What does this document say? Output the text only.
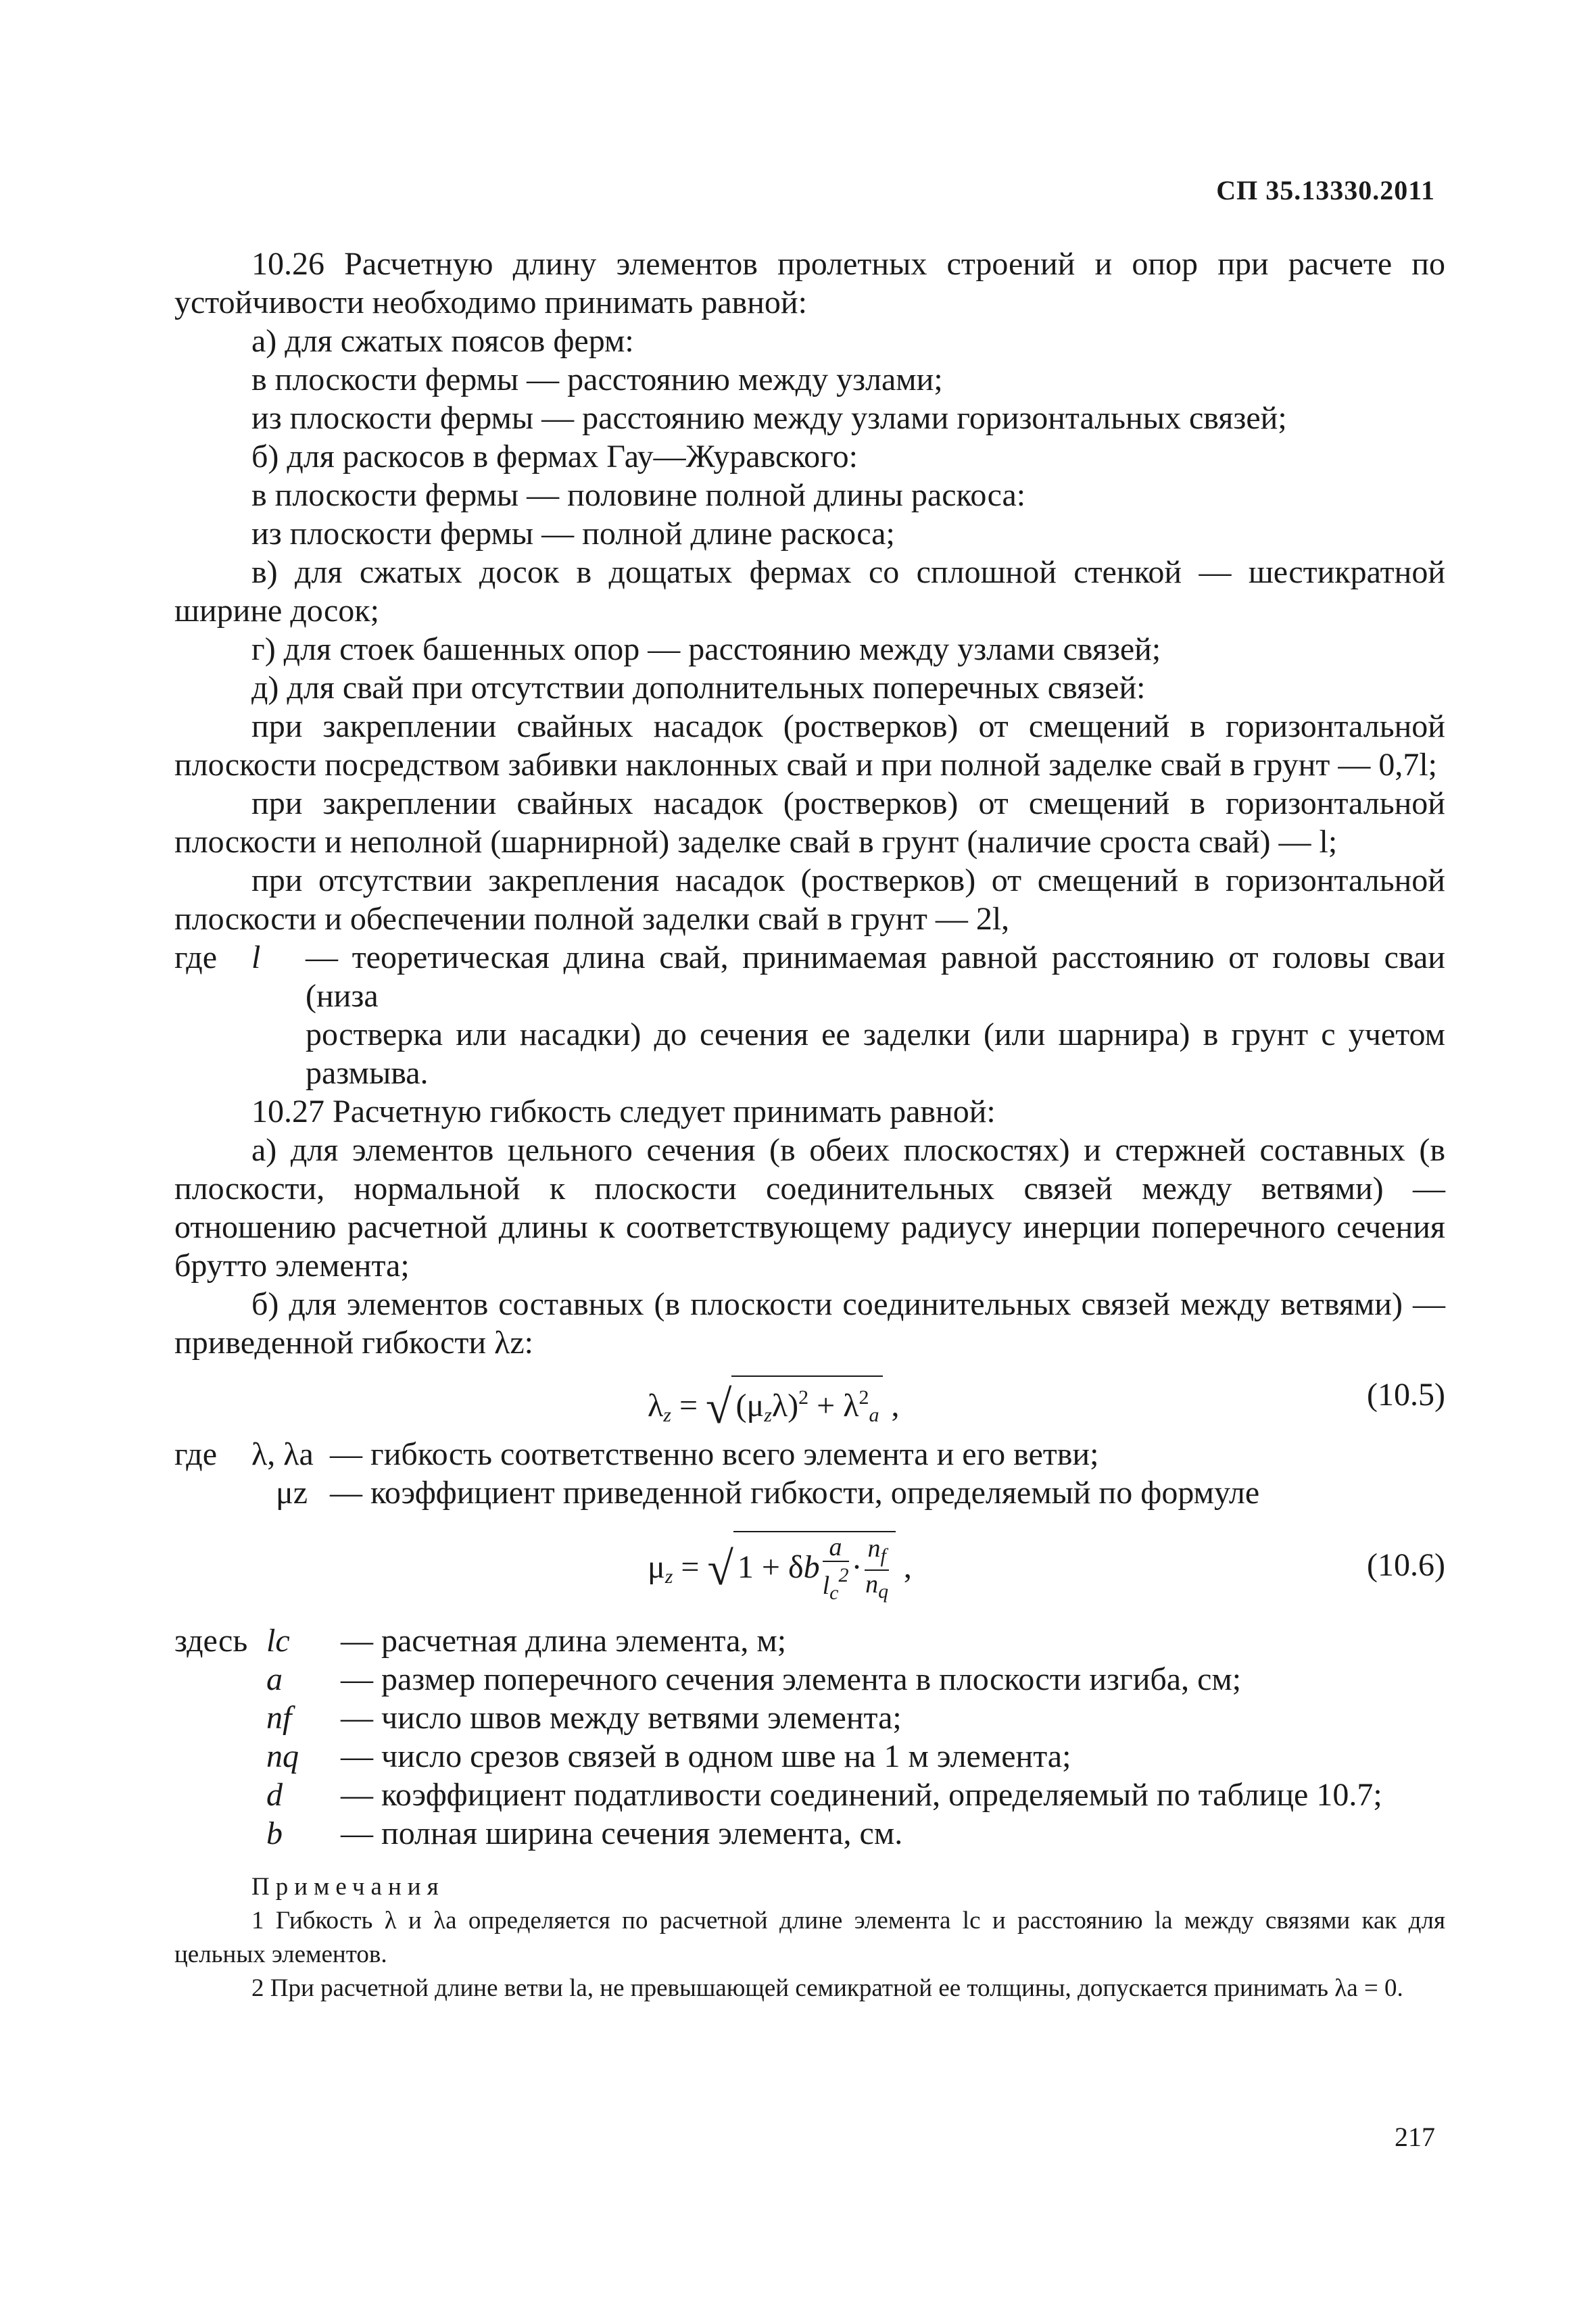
СП 35.13330.2011

10.26 Расчетную длину элементов пролетных строений и опор при расчете по устойчивости необходимо принимать равной:

а) для сжатых поясов ферм:

в плоскости фермы — расстоянию между узлами;

из плоскости фермы — расстоянию между узлами горизонтальных связей;

б) для раскосов в фермах Гау—Журавского:

в плоскости фермы — половине полной длины раскоса:

из плоскости фермы — полной длине раскоса;

в) для сжатых досок в дощатых фермах со сплошной стенкой — шестикратной ширине досок;

г) для стоек башенных опор — расстоянию между узлами связей;

д) для свай при отсутствии дополнительных поперечных связей:

при закреплении свайных насадок (ростверков) от смещений в горизонтальной плоскости посредством забивки наклонных свай и при полной заделке свай в грунт — 0,7l;

при закреплении свайных насадок (ростверков) от смещений в горизонтальной плоскости и неполной (шарнирной) заделке свай в грунт (наличие сроста свай) — l;

при отсутствии закрепления насадок (ростверков) от смещений в горизонтальной плоскости и обеспечении полной заделки свай в грунт — 2l,

где	l	— теоретическая длина свай, принимаемая равной расстоянию от головы сваи (низа

ростверка или насадки) до сечения ее заделки (или шарнира) в грунт с учетом размыва.

10.27 Расчетную гибкость следует принимать равной:

а) для элементов цельного сечения (в обеих плоскостях) и стержней составных (в плоскости, нормальной к плоскости соединительных связей между ветвями) — отношению расчетной длины к соответствующему радиусу инерции поперечного сечения брутто элемента;

б) для элементов составных (в плоскости соединительных связей между ветвями) — приведенной гибкости λz:

$\lambda_z$ = √ $(\mu_z\lambda)^2 + \lambda^2_a$ ,	(10.5)
где	λ, λa — гибкость соответственно всего элемента и его ветви;
μz — коэффициент приведенной гибкости, определяемый по формуле
$\mu_z$ = √ 1 + δb $\frac{a}{l_c^2} \cdot \frac{n_f}{n_q}$ ,	(10.6)
здесь lc	— расчетная длина элемента, м;
a	— размер поперечного сечения элемента в плоскости изгиба, см;
nf	— число швов между ветвями элемента;
nq	— число срезов связей в одном шве на 1 м элемента;
d	— коэффициент податливости соединений, определяемый по таблице 10.7;
b	— полная ширина сечения элемента, см.

Примечания

1 Гибкость λ и λa определяется по расчетной длине элемента lc и расстоянию la между связями как для цельных элементов.

2 При расчетной длине ветви la, не превышающей семикратной ее толщины, допускается принимать λa = 0.

217
